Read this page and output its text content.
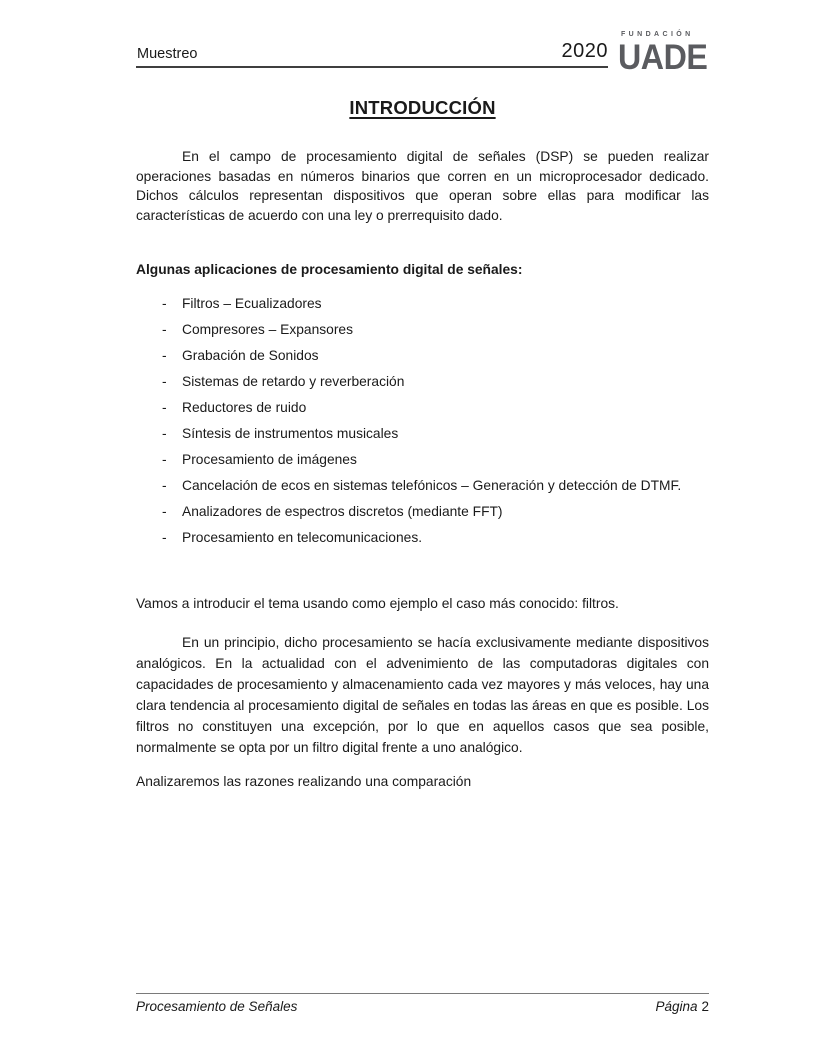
Muestreo	2020
FUNDACIÓN
UADE
INTRODUCCIÓN

En el campo de procesamiento digital de señales (DSP) se pueden realizar operaciones basadas en números binarios que corren en un microprocesador dedicado. Dichos cálculos representan dispositivos que operan sobre ellas para modificar las características de acuerdo con una ley o prerrequisito dado.

Algunas aplicaciones de procesamiento digital de señales:
-	Filtros – Ecualizadores
-	Compresores – Expansores
-	Grabación de Sonidos
-	Sistemas de retardo y reverberación
-	Reductores de ruido
-	Síntesis de instrumentos musicales
-	Procesamiento de imágenes
-	Cancelación de ecos en sistemas telefónicos – Generación y detección de DTMF.
-	Analizadores de espectros discretos (mediante FFT)
-	Procesamiento en telecomunicaciones.
Vamos a introducir el tema usando como ejemplo el caso más conocido: filtros.

En un principio, dicho procesamiento se hacía exclusivamente mediante dispositivos analógicos. En la actualidad con el advenimiento de las computadoras digitales con capacidades de procesamiento y almacenamiento cada vez mayores y más veloces, hay una clara tendencia al procesamiento digital de señales en todas las áreas en que es posible. Los filtros no constituyen una excepción, por lo que en aquellos casos que sea posible, normalmente se opta por un filtro digital frente a uno analógico.

Analizaremos las razones realizando una comparación
Procesamiento de Señales	Página 2
